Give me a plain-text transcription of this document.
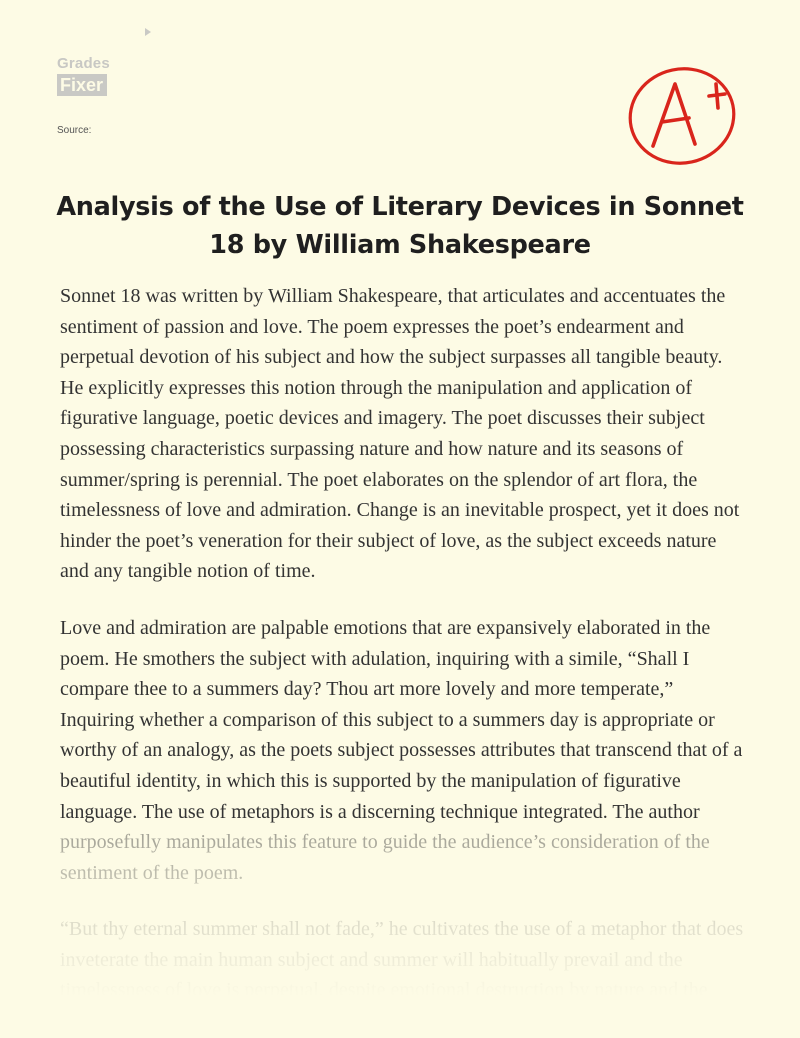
Grades
Fixer
Source:
Analysis of the Use of Literary Devices in Sonnet 18 by William Shakespeare

Sonnet 18 was written by William Shakespeare, that articulates and accentuates the sentiment of passion and love. The poem expresses the poet’s endearment and perpetual devotion of his subject and how the subject surpasses all tangible beauty. He explicitly expresses this notion through the manipulation and application of figurative language, poetic devices and imagery. The poet discusses their subject possessing characteristics surpassing nature and how nature and its seasons of summer/spring is perennial. The poet elaborates on the splendor of art flora, the timelessness of love and admiration. Change is an inevitable prospect, yet it does not hinder the poet’s veneration for their subject of love, as the subject exceeds nature and any tangible notion of time.

Love and admiration are palpable emotions that are expansively elaborated in the poem. He smothers the subject with adulation, inquiring with a simile, “Shall I compare thee to a summers day? Thou art more lovely and more temperate,” Inquiring whether a comparison of this subject to a summers day is appropriate or worthy of an analogy, as the poets subject possesses attributes that transcend that of a beautiful identity, in which this is supported by the manipulation of figurative language. The use of metaphors is a discerning technique integrated. The author
